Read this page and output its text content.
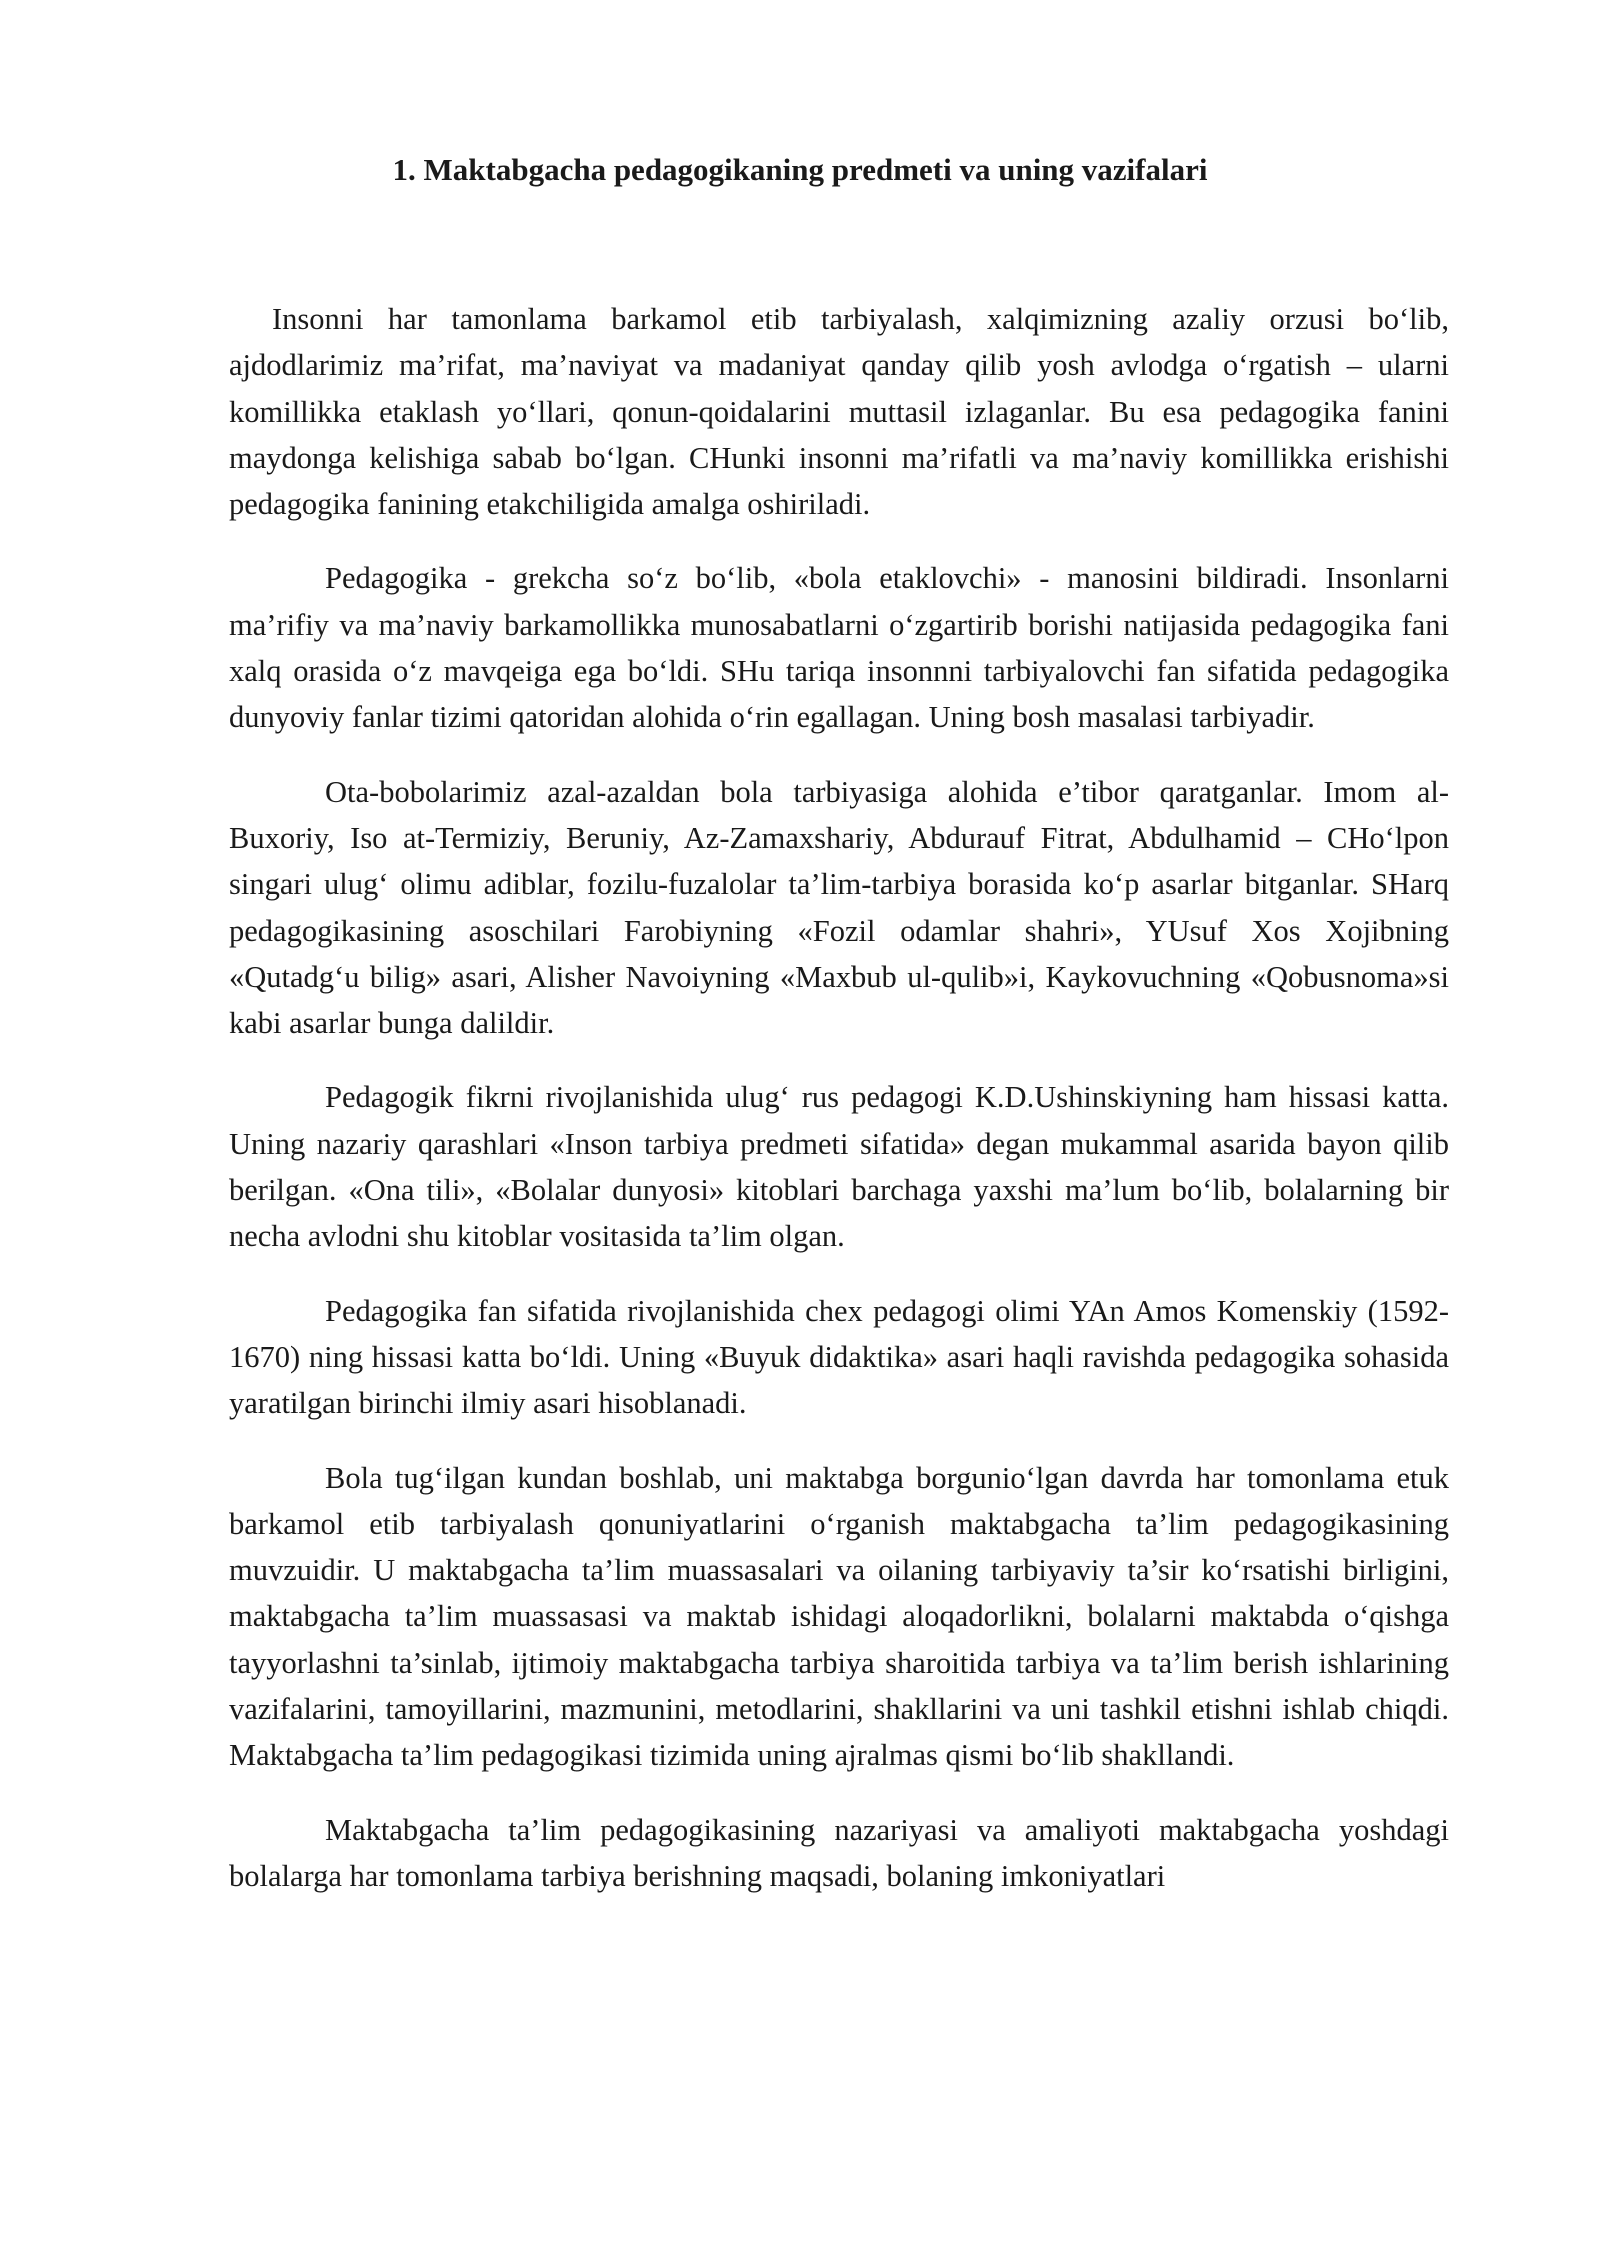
1. Maktabgacha pedagogikaning predmeti va uning vazifalari

Insonni har tamonlama barkamol etib tarbiyalash, xalqimizning azaliy orzusi bo‘lib, ajdodlarimiz ma’rifat, ma’naviyat va madaniyat qanday qilib yosh avlodga o‘rgatish – ularni komillikka etaklash yo‘llari, qonun-qoidalarini muttasil izlaganlar. Bu esa pedagogika fanini maydonga kelishiga sabab bo‘lgan. CHunki insonni ma’rifatli va ma’naviy komillikka erishishi pedagogika fanining etakchiligida amalga oshiriladi.

Pedagogika - grekcha so‘z bo‘lib, «bola etaklovchi» - manosini bildiradi. Insonlarni ma’rifiy va ma’naviy barkamollikka munosabatlarni o‘zgartirib borishi natijasida pedagogika fani xalq orasida o‘z mavqeiga ega bo‘ldi. SHu tariqa insonnni tarbiyalovchi fan sifatida pedagogika dunyoviy fanlar tizimi qatoridan alohida o‘rin egallagan. Uning bosh masalasi tarbiyadir.

Ota-bobolarimiz azal-azaldan bola tarbiyasiga alohida e’tibor qaratganlar. Imom al-Buxoriy, Iso at-Termiziy, Beruniy, Az-Zamaxshariy, Abdurauf Fitrat, Abdulhamid – CHo‘lpon singari ulug‘ olimu adiblar, fozilu-fuzalolar ta’lim-tarbiya borasida ko‘p asarlar bitganlar. SHarq pedagogikasining asoschilari Farobiyning «Fozil odamlar shahri», YUsuf Xos Xojibning «Qutadg‘u bilig» asari, Alisher Navoiyning «Maxbub ul-qulib»i, Kaykovuchning «Qobusnoma»si kabi asarlar bunga dalildir.

Pedagogik fikrni rivojlanishida ulug‘ rus pedagogi K.D.Ushinskiyning ham hissasi katta. Uning nazariy qarashlari «Inson tarbiya predmeti sifatida» degan mukammal asarida bayon qilib berilgan. «Ona tili», «Bolalar dunyosi» kitoblari barchaga yaxshi ma’lum bo‘lib, bolalarning bir necha avlodni shu kitoblar vositasida ta’lim olgan.

Pedagogika fan sifatida rivojlanishida chex pedagogi olimi YAn Amos Komenskiy (1592-1670) ning hissasi katta bo‘ldi. Uning «Buyuk didaktika» asari haqli ravishda pedagogika sohasida yaratilgan birinchi ilmiy asari hisoblanadi.

Bola tug‘ilgan kundan boshlab, uni maktabga borgunio‘lgan davrda har tomonlama etuk barkamol etib tarbiyalash qonuniyatlarini o‘rganish maktabgacha ta’lim pedagogikasining muvzuidir. U maktabgacha ta’lim muassasalari va oilaning tarbiyaviy ta’sir ko‘rsatishi birligini, maktabgacha ta’lim muassasasi va maktab ishidagi aloqadorlikni, bolalarni maktabda o‘qishga tayyorlashni ta’sinlab, ijtimoiy maktabgacha tarbiya sharoitida tarbiya va ta’lim berish ishlarining vazifalarini, tamoyillarini, mazmunini, metodlarini, shakllarini va uni tashkil etishni ishlab chiqdi. Maktabgacha ta’lim pedagogikasi tizimida uning ajralmas qismi bo‘lib shakllandi.

Maktabgacha ta’lim pedagogikasining nazariyasi va amaliyoti maktabgacha yoshdagi bolalarga har tomonlama tarbiya berishning maqsadi, bolaning imkoniyatlari
